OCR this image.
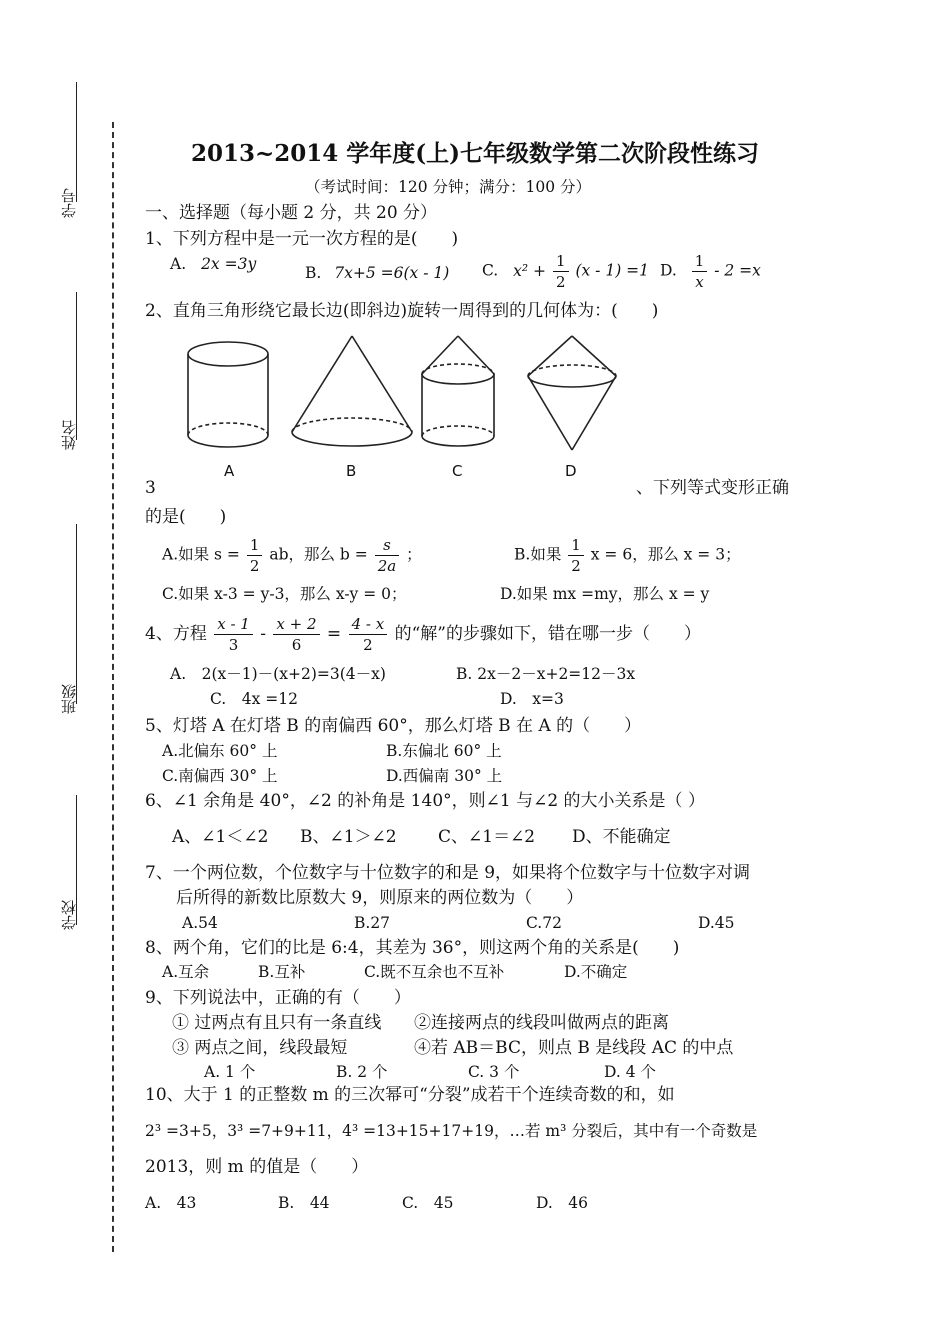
学号
姓名
班级
学校
2013~2014 学年度(上)七年级数学第二次阶段性练习
（考试时间：120 分钟；满分：100 分）
一、选择题（每小题 2 分，共 20 分）
1、下列方程中是一元一次方程的是(　　)
A. 2x =3y	B. 7x+5 =6(x - 1) C. $x^2 + \frac{1}{2} (x - 1) =1$ D. $\frac{1}{x} - 2 =x$
2、直角三角形绕它最长边(即斜边)旋转一周得到的几何体为：(　　)
A	B	C	D
3	、下列等式变形正确
的是(　　)
A.如果 $s = \frac{1}{2}$ ab，那么 $b = \frac{s}{2a}$ ；	B.如果 $\frac{1}{2}$ x = 6，那么 x = 3；
C.如果 x-3 = y-3，那么 x-y = 0；	D.如果 mx =my，那么 x = y
4、方程 $\frac{x - 1}{3} - \frac{x + 2}{6} = \frac{4 - x}{2}$ 的“解”的步骤如下，错在哪一步（　　）
A.　2(x－1)－(x+2)=3(4－x)	B. 2x－2－x+2=12－3x
C.　4x =12	D.　x=3
5、灯塔 A 在灯塔 B 的南偏西 60°，那么灯塔 B 在 A 的（　　）
A.北偏东 60° 上	B.东偏北 60° 上
C.南偏西 30° 上	D.西偏南 30° 上
6、∠1 余角是 40°，∠2 的补角是 140°，则∠1 与∠2 的大小关系是（ ）
A、∠1＜∠2 B、∠1＞∠2 C、∠1＝∠2 D、不能确定
7、一个两位数，个位数字与十位数字的和是 9，如果将个位数字与十位数字对调
后所得的新数比原数大 9，则原来的两位数为（　　）
A.54	B.27	C.72	D.45
8、两个角，它们的比是 6:4，其差为 36°，则这两个角的关系是(　　)
A.互余	B.互补	C.既不互余也不互补	D.不确定
9、下列说法中，正确的有（　　）
① 过两点有且只有一条直线 ②连接两点的线段叫做两点的距离
③ 两点之间，线段最短	④若 AB＝BC，则点 B 是线段 AC 的中点
A. 1 个	B. 2 个	C. 3 个	D. 4 个
10、大于 1 的正整数 m 的三次幂可“分裂”成若干个连续奇数的和，如
2³ =3+5，3³ =7+9+11，4³ =13+15+17+19，…若 m³ 分裂后，其中有一个奇数是
2013，则 m 的值是（　　）
A.　43	B.　44	C.　45	D.　46
